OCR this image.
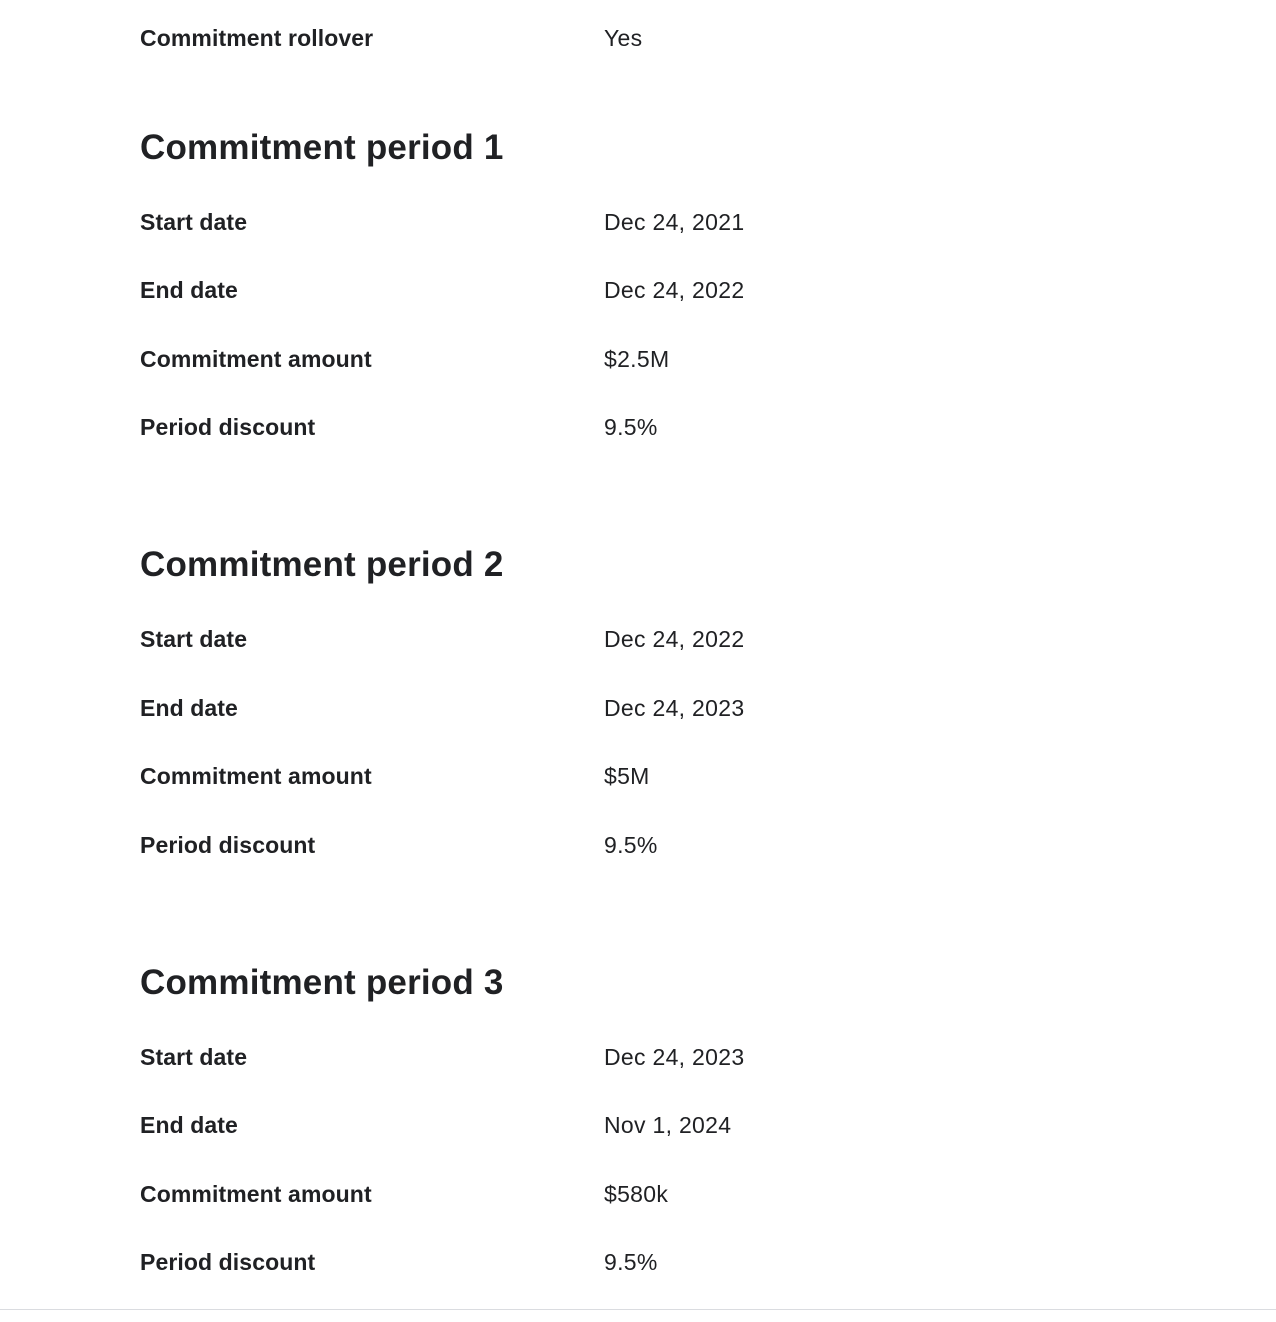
Commitment rollover	Yes
Commitment period 1
Start date	Dec 24, 2021
End date	Dec 24, 2022
Commitment amount	$2.5M
Period discount	9.5%
Commitment period 2
Start date	Dec 24, 2022
End date	Dec 24, 2023
Commitment amount	$5M
Period discount	9.5%
Commitment period 3
Start date	Dec 24, 2023
End date	Nov 1, 2024
Commitment amount	$580k
Period discount	9.5%
